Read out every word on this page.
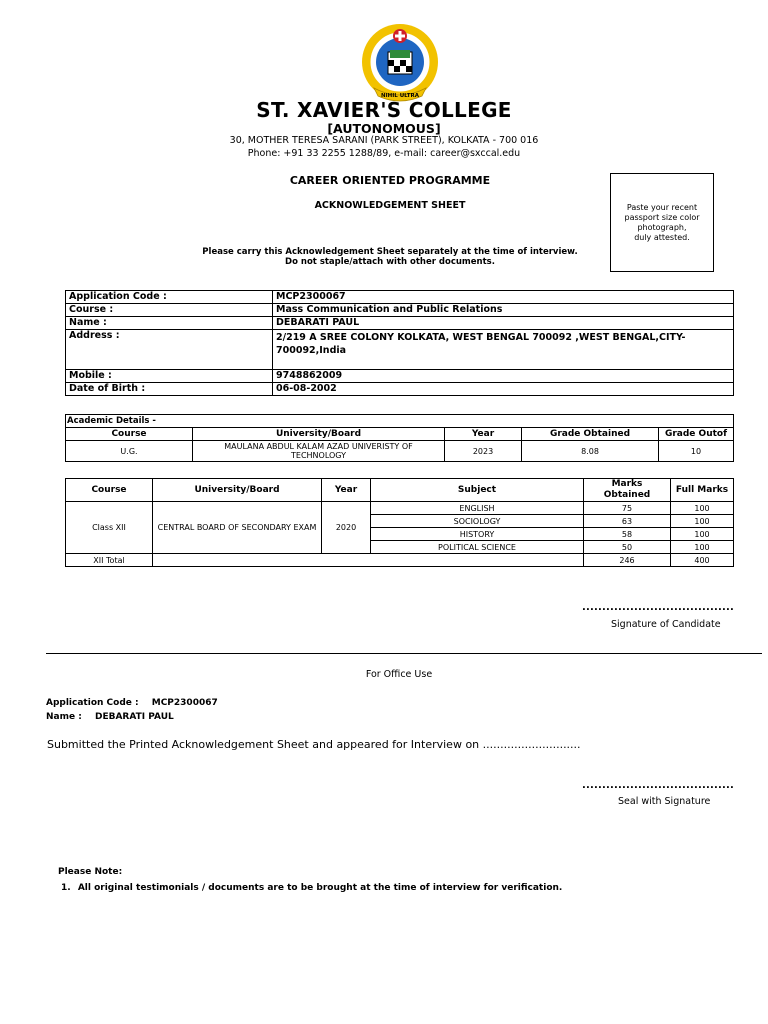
NIHIL ULTRA
ST. XAVIER'S COLLEGE
[AUTONOMOUS]
30, MOTHER TERESA SARANI (PARK STREET), KOLKATA - 700 016
Phone: +91 33 2255 1288/89, e-mail: career@sxccal.edu
CAREER ORIENTED PROGRAMME
ACKNOWLEDGEMENT SHEET	Paste your recent
passport size color
photograph,
duly attested.
Please carry this Acknowledgement Sheet separately at the time of interview.
Do not staple/attach with other documents.
Application Code :	MCP2300067
Course :	Mass Communication and Public Relations
Name :	DEBARATI PAUL
Address :	2/219 A SREE COLONY KOLKATA, WEST BENGAL 700092 ,WEST BENGAL,CITY-700092,India
Mobile :	9748862009
Date of Birth :	06-08-2002
Academic Details -				
Course	University/Board	Year	Grade Obtained	Grade Outof
U.G.	MAULANA ABDUL KALAM AZAD UNIVERISTY OF TECHNOLOGY	2023	8.08	10
Course	University/Board	Year	Subject	Marks Obtained	Full Marks
Class XII	CENTRAL BOARD OF SECONDARY EXAM	2020	ENGLISH	75	100
			SOCIOLOGY	63	100
			HISTORY	58	100
			POLITICAL SCIENCE	50	100
XII Total				246	400
......................................
Signature of Candidate
For Office Use
Application Code : MCP2300067
Name : DEBARATI PAUL
Submitted the Printed Acknowledgement Sheet and appeared for Interview on ............................
......................................
Seal with Signature
Please Note:
1. All original testimonials / documents are to be brought at the time of interview for verification.
